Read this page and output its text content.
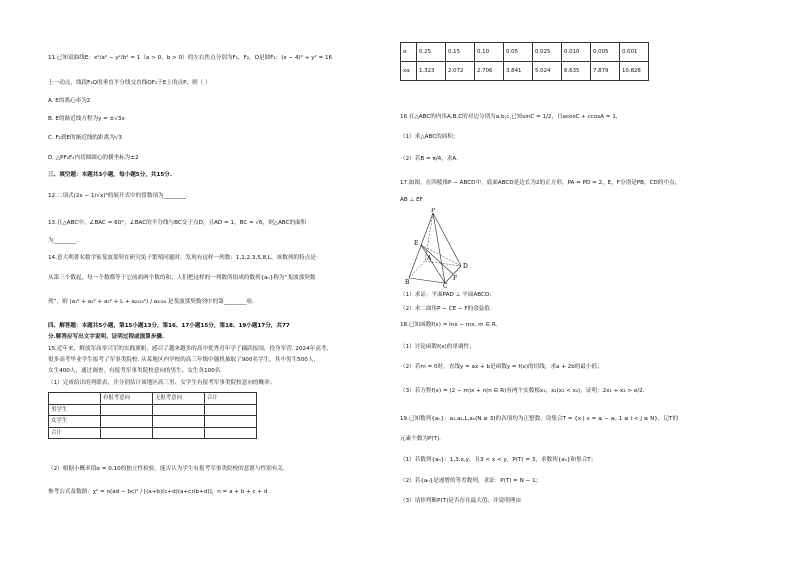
11.已知双曲线E：x²/a² − y²/b² = 1（a > 0，b > 0）的左右焦点分别为F₁，F₂，Q是圆F₂：(x − 4)² + y² = 16
上一动点，线段F₁Q的垂直平分线交直线QF₂于E上的点P，则（ ）
A. E的离心率为2
B. E的渐近线方程为y = ±√3x
C. F₂到E的渐近线的距离为√3
D. △PF₁F₂内切圆圆心的横坐标为±2
三、填空题：本题共3小题，每小题5分，共15分.
12.二项式(2x − 1/√x)⁶的展开式中的常数项为________.
13.在△ABC中，∠BAC = 60°，∠BAC的平分线与BC交于点D，且AD = 1，BC = √6，则△ABC的面积
为________.
14.意大利著名数学家斐波那契在研究兔子繁殖问题时，发现有这样一列数：1,1,2,3,5,8,L，该数列的特点是：
从第三个数起，每一个数都等于它前面两个数的和，人们把这样的一列数所组成的数列{aₙ}称为“斐波那契数
列”，则 (a₁² + a₂² + a₃² + L + a₂₀₂₅²) / a₂₀₂₆ 是斐波那契数列中的第________项.
四、解答题：本题共5小题，第15小题13分，第16、17小题15分，第18、19小题17分，共77
分.解答应写出文字说明、证明过程或演算步骤.
15.近年来，解放军高举兴军的实践旗帜，感召了越来越多的高中优秀青年学子踊跃报国，投身军营. 2024年高考，
很多高考毕业学生报考了军事类院校. 从某地区内学校的高三年级中随机抽取了900名学生，其中男生500人，
女生400人，通过调查，有报考军事类院校意向的男生、女生各100名.
（1）完成给出的列联表，并分别估计该地区高三男、女学生有报考军事类院校意向的概率；
	有报考意向	无报考意向	合计
男学生			
女学生			
合计			
（2）根据小概率值α = 0.10的独立性检验，能否认为学生有报考军事类院校的意愿与性别有关.
参考公式及数据：χ² = n(ad − bc)² / [(a+b)(c+d)(a+c)(b+d)]，n = a + b + c + d .
α	0.25	0.15	0.10	0.05	0.025	0.010	0.005	0.001
xα	1.323	2.072	2.706	3.841	5.024	6.635	7.879	10.828
16.在△ABC的内角A,B,C的对边分别为a,b,c,已知sinC = 1/2，且acosC + ccosA = 1，
（1）求△ABC的面积；
（2）若B = π/4，求A.
17.如图，在四棱锥P − ABCD中，底面ABCD是边长为2的正方形，PA = PD = 2，E，F分别是PB，CD的中点，
AB ⊥ EF
P
E
A
D
F
B
C
（1）求证：平面PAD ⊥ 平面ABCD；
（2）求二面角P − CE − F的余弦值.
18.已知函数f(x) = lnx − mx, m ∈ R.
（1）讨论函数f(x)的单调性；
（2）若m = 0时，直线y = ax + b是函数y = f(x)的切线，求a + 2b的最小值；
（3）若方程f(x) = (2 − m)x + n(n ∈ R)有两个实数根x₁，x₂(x₁ < x₂)，证明：2x₁ + x₂ > e/2.
19.已知数列{aₙ}：a₁,a₂,L,aₙ(N ≥ 3)的各项均为正整数，设集合T = {x | x = aⱼ − aᵢ, 1 ≤ i < j ≤ N}，记T的
元素个数为P(T).
（1）若数列{aₙ}：1,3,x,y，且3 < x < y，P(T) = 3，求数列{aₙ}和集合T；
（2）若{aₙ}是递增的等差数列，求证：P(T) = N − 1；
（3）请你判断P(T)是否存在最大值，并说明理由
